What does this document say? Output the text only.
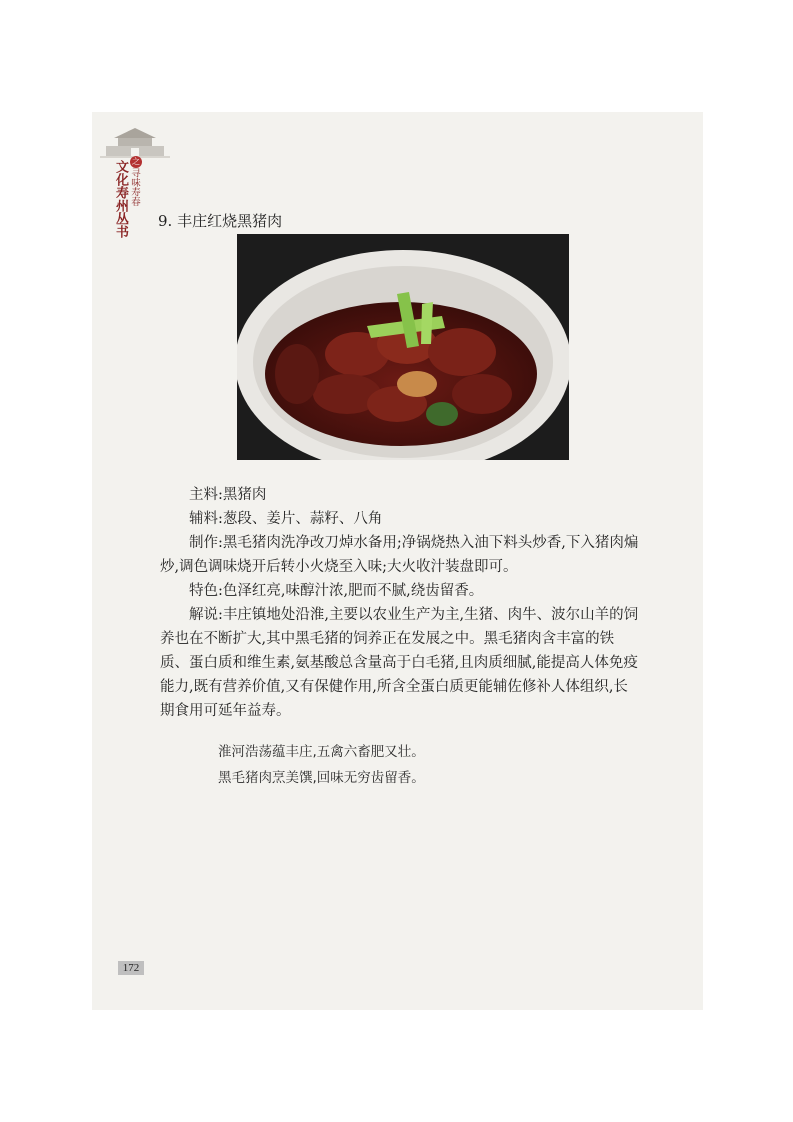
之
文化寿州丛书 寻味寿春
9. 丰庄红烧黑猪肉

主料:黑猪肉

辅料:葱段、姜片、蒜籽、八角

制作:黑毛猪肉洗净改刀焯水备用;净锅烧热入油下料头炒香,下入猪肉煸炒,调色调味烧开后转小火烧至入味;大火收汁装盘即可。

特色:色泽红亮,味醇汁浓,肥而不腻,绕齿留香。

解说:丰庄镇地处沿淮,主要以农业生产为主,生猪、肉牛、波尔山羊的饲养也在不断扩大,其中黑毛猪的饲养正在发展之中。黑毛猪肉含丰富的铁质、蛋白质和维生素,氨基酸总含量高于白毛猪,且肉质细腻,能提高人体免疫能力,既有营养价值,又有保健作用,所含全蛋白质更能辅佐修补人体组织,长期食用可延年益寿。

淮河浩荡蕴丰庄,五禽六畜肥又壮。
黑毛猪肉烹美馔,回味无穷齿留香。
172
